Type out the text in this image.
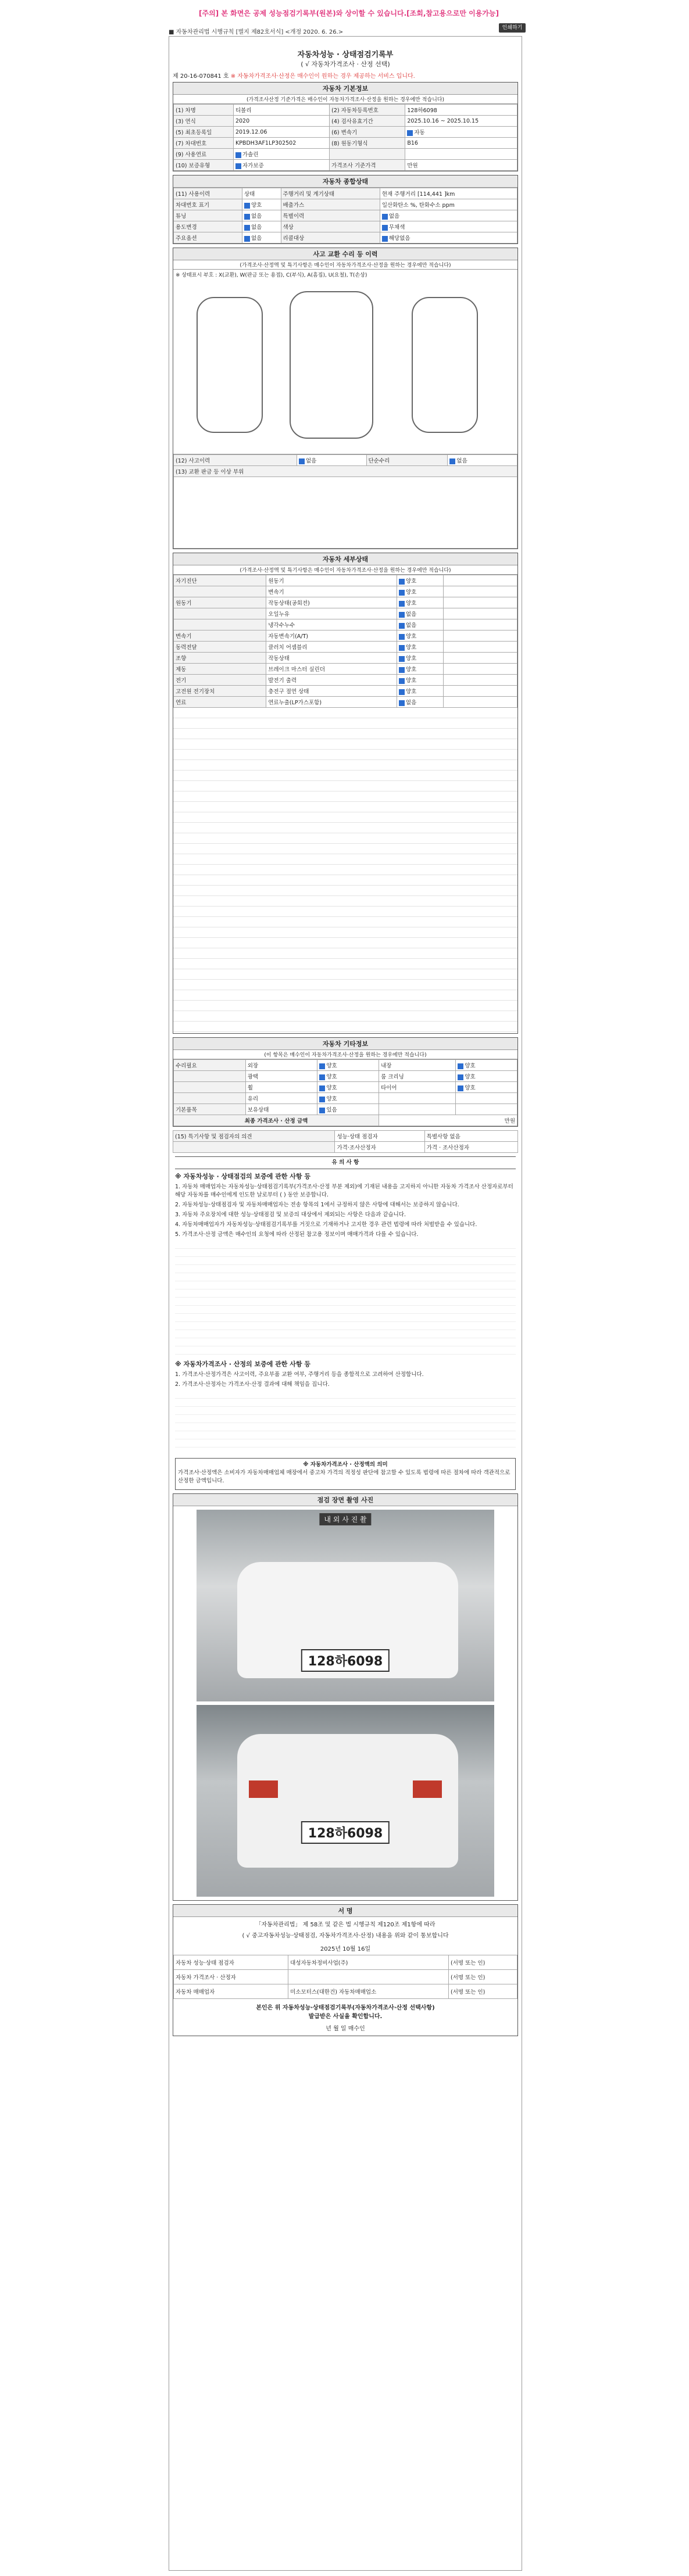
[주의] 본 화면은 공제 성능점검기록부(원본)와 상이할 수 있습니다.[조회,참고용으로만 이용가능]
■ 자동차관리법 시행규칙 [별지 제82호서식] <개정 2020. 6. 26.>
인쇄하기
자동차성능 · 상태점검기록부
( √ 자동차가격조사 · 산정 선택)
제 20-16-070841 호 ※ 자동차가격조사·산정은 매수인이 원하는 경우 제공하는 서비스 입니다.
자동차 기본정보
(가격조사산정 기준가격은 매수인이 자동차가격조사·산정을 원하는 경우에만 적습니다)
(1) 차명	티볼리	(2) 자동차등록번호	128하6098
(3) 연식	2020	(4) 검사유효기간	2025.10.16 ~ 2025.10.15
(5) 최초등록일	2019.12.06	(6) 변속기	자동
(7) 차대번호	KPBDH3AF1LP302502	(8) 원동기형식	B16
(9) 사용연료	가솔린		
(10) 보증유형	자가보증	가격조사 기준가격	만원
자동차 종합상태
(11) 사용이력	상태	주행거리 및 계기상태	현재 주행거리 [114,441 ]km
차대번호 표기	양호	배출가스	일산화탄소 %, 탄화수소 ppm
튜닝	없음	특별이력	없음
용도변경	없음	색상	무채색
주요옵션	없음	리콜대상	해당없음
사고 교환 수리 등 이력
(가격조사·산정액 및 특기사항은 매수인이 자동차가격조사·산정을 원하는 경우에만 적습니다)
※ 상태표시 부호 : X(교환), W(판금 또는 용접), C(부식), A(흠집), U(요철), T(손상)
(12) 사고이력	없음	단순수리	없음
(13) 교환 판금 등 이상 부위

자동차 세부상태
(가격조사·산정액 및 특기사항은 매수인이 자동차가격조사·산정을 원하는 경우에만 적습니다)
자기진단	원동기	양호	
	변속기	양호	
원동기	작동상태(공회전)	양호	
	오일누유	없음	
	냉각수누수	없음	
변속기	자동변속기(A/T)	양호	
동력전달	클러치 어셈블리	양호	
조향	작동상태	양호	
제동	브레이크 마스터 실린더	양호	
전기	발전기 출력	양호	
고전원 전기장치	충전구 절연 상태	양호	
연료	연료누출(LP가스포함)	없음	
자동차 기타정보
(이 항목은 매수인이 자동차가격조사·산정을 원하는 경우에만 적습니다)
수리필요	외장	양호	내장	양호
	광택	양호	룸 크리닝	양호
	휠	양호	타이어	양호
	유리	양호		
기본품목	보유상태	있음		
최종 가격조사 · 산정 금액			만원	
(15) 특기사항 및 점검자의 의견	성능·상태 점검자	특별사항 없음
	가격·조사산정자	가격 · 조사산정자
유 의 사 항
※ 자동차성능 · 상태점검의 보증에 관한 사항 등

1. 자동차 매매업자는 자동차성능·상태점검기록부(가격조사·산정 부분 제외)에 기재된 내용을 고지하지 아니한 자동차 가격조사 산정자로부터 해당 자동차를 매수인에게 인도한 날로부터 ( ) 동안 보증합니다.

2. 자동차성능·상태점검자 및 자동차매매업자는 전송 항목의 1에서 규정하지 않은 사항에 대해서는 보증하지 않습니다.

3. 자동차 주요장치에 대한 성능·상태점검 및 보증의 대상에서 제외되는 사항은 다음과 같습니다.

4. 자동차매매업자가 자동차성능·상태점검기록부를 거짓으로 기재하거나 고지한 경우 관련 법령에 따라 처벌받을 수 있습니다.

5. 가격조사·산정 금액은 매수인의 요청에 따라 산정된 참고용 정보이며 매매가격과 다를 수 있습니다.

※ 자동차가격조사 · 산정의 보증에 관한 사항 등

1. 가격조사·산정가격은 사고이력, 주요부품 교환 여부, 주행거리 등을 종합적으로 고려하여 산정합니다.

2. 가격조사·산정자는 가격조사·산정 결과에 대해 책임을 집니다.

※ 자동차가격조사 · 산정액의 의미

가격조사·산정액은 소비자가 자동차매매업체 매장에서 중고차 가격의 적정성 판단에 참고할 수 있도록 법령에 따른 절차에 따라 객관적으로 산정한 금액입니다.

점검 장면 촬영 사진
내 외 사 진 촬
128하6098
128하6098
서 명
「자동차관리법」 제 58조 및 같은 법 시행규칙 제120조 제1항에 따라
( √ 중고자동차성능·상태점검, 자동차가격조사·산정) 내용을 위와 같이 통보합니다
2025년 10월 16일
자동차 성능·상태 점검자	대성자동차정비사업(주)	(서명 또는 인)
자동차 가격조사 · 산정자		(서명 또는 인)
자동차 매매업자	미소모터스(대한건) 자동차매매업소	(서명 또는 인)
본인은 위 자동차성능·상태점검기록부(자동차가격조사·산정 선택사항)
발급받은 사실을 확인합니다.
년 월 일 매수인
